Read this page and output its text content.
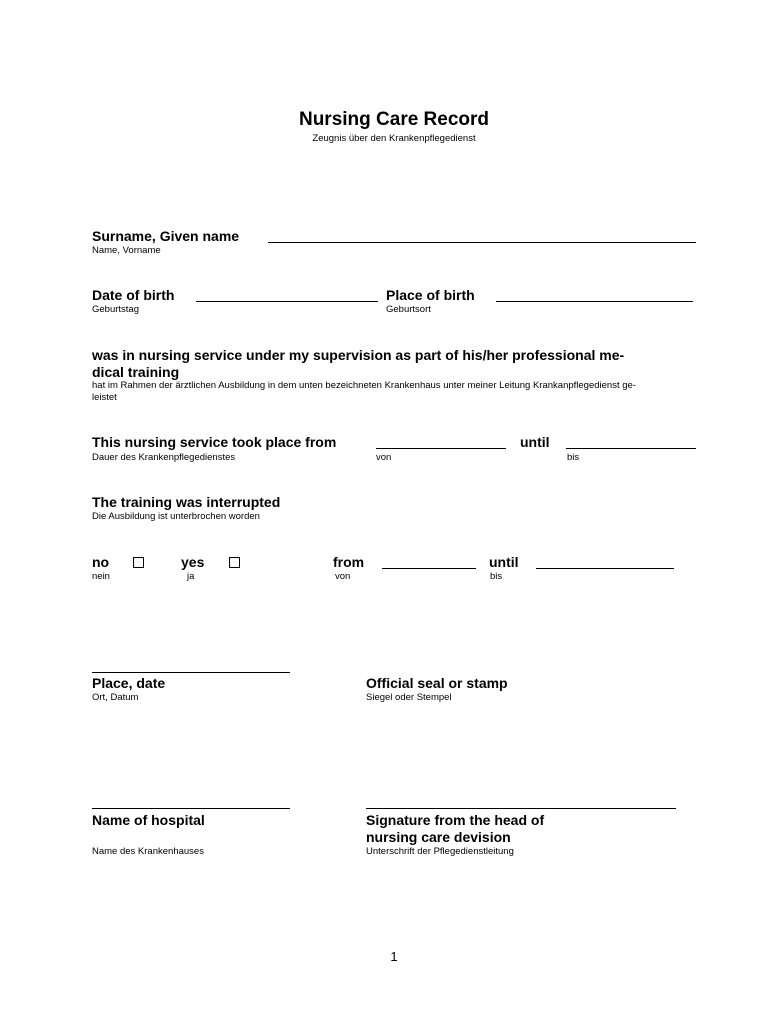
Nursing Care Record
Zeugnis über den Krankenpflegedienst
Surname, Given name
Name, Vorname
Date of birth
Geburtstag
Place of birth
Geburtsort
was in nursing service under my supervision as part of his/her professional me-
dical training
hat im Rahmen der ärztlichen Ausbildung in dem unten bezeichneten Krankenhaus unter meiner Leitung Krankanpflegedienst ge-
leistet
This nursing service took place from	until
Dauer des Krankenpflegedienstes	von	bis
The training was interrupted
Die Ausbildung ist unterbrochen worden
no
nein
yes
ja
from
von
until
bis
Place, date
Ort, Datum
Official seal or stamp
Siegel oder Stempel
Name of hospital
Name des Krankenhauses
Signature from the head of
nursing care devision
Unterschrift der Pflegedienstleitung
1
